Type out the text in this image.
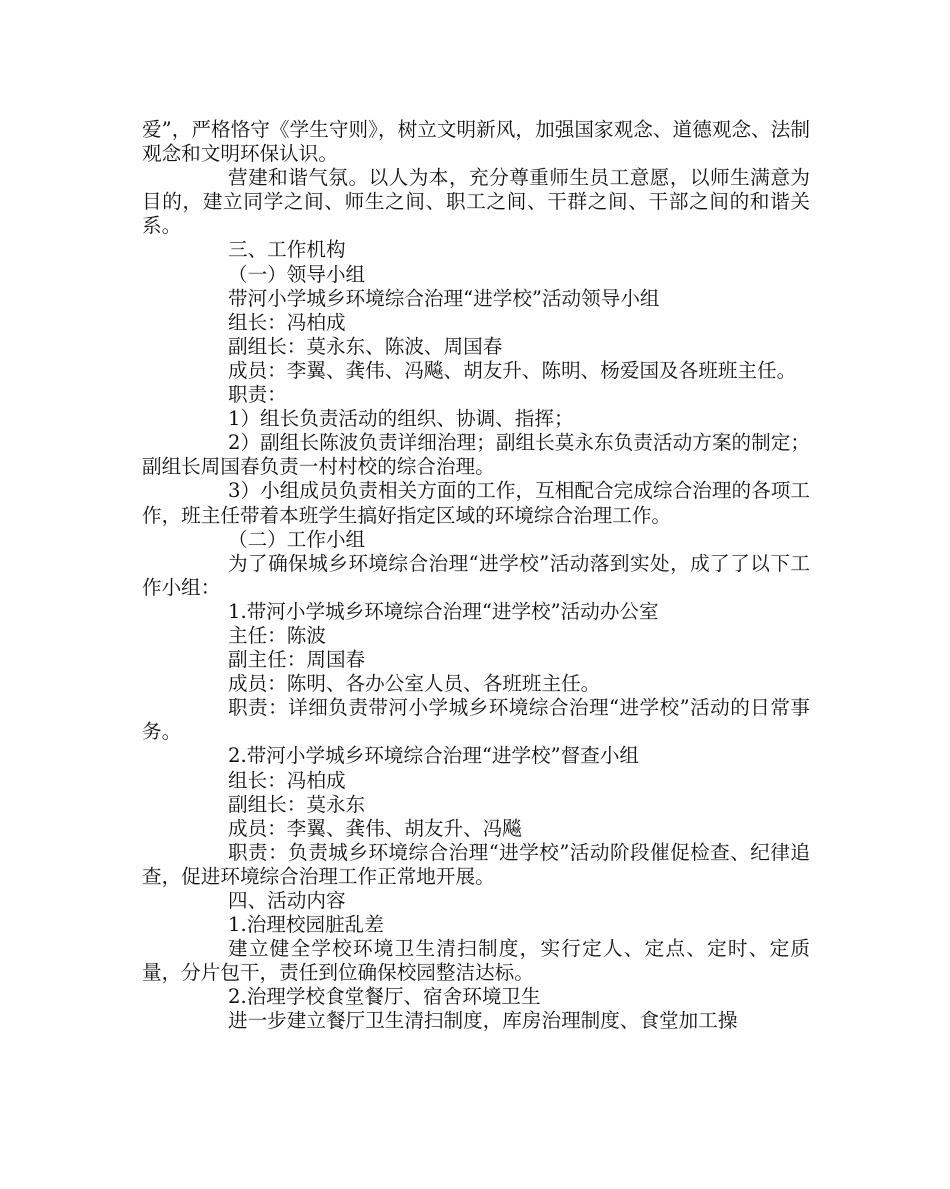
爱”，严格恪守《学生守则》，树立文明新风，加强国家观念、道德观念、法制观念和文明环保认识。

营建和谐气氛。以人为本，充分尊重师生员工意愿，以师生满意为目的，建立同学之间、师生之间、职工之间、干群之间、干部之间的和谐关系。

三、工作机构

（一）领导小组

带河小学城乡环境综合治理“进学校”活动领导小组

组长：冯柏成

副组长：莫永东、陈波、周国春

成员：李翼、龚伟、冯飚、胡友升、陈明、杨爱国及各班班主任。

职责：

1）组长负责活动的组织、协调、指挥；

2）副组长陈波负责详细治理；副组长莫永东负责活动方案的制定；副组长周国春负责一村村校的综合治理。

3）小组成员负责相关方面的工作，互相配合完成综合治理的各项工作，班主任带着本班学生搞好指定区域的环境综合治理工作。

（二）工作小组

为了确保城乡环境综合治理“进学校”活动落到实处，成了了以下工作小组：

1.带河小学城乡环境综合治理“进学校”活动办公室

主任：陈波

副主任：周国春

成员：陈明、各办公室人员、各班班主任。

职责：详细负责带河小学城乡环境综合治理“进学校”活动的日常事务。

2.带河小学城乡环境综合治理“进学校”督查小组

组长：冯柏成

副组长：莫永东

成员：李翼、龚伟、胡友升、冯飚

职责：负责城乡环境综合治理“进学校”活动阶段催促检查、纪律追查，促进环境综合治理工作正常地开展。

四、活动内容

1.治理校园脏乱差

建立健全学校环境卫生清扫制度，实行定人、定点、定时、定质量，分片包干，责任到位确保校园整洁达标。

2.治理学校食堂餐厅、宿舍环境卫生

进一步建立餐厅卫生清扫制度，库房治理制度、食堂加工操
